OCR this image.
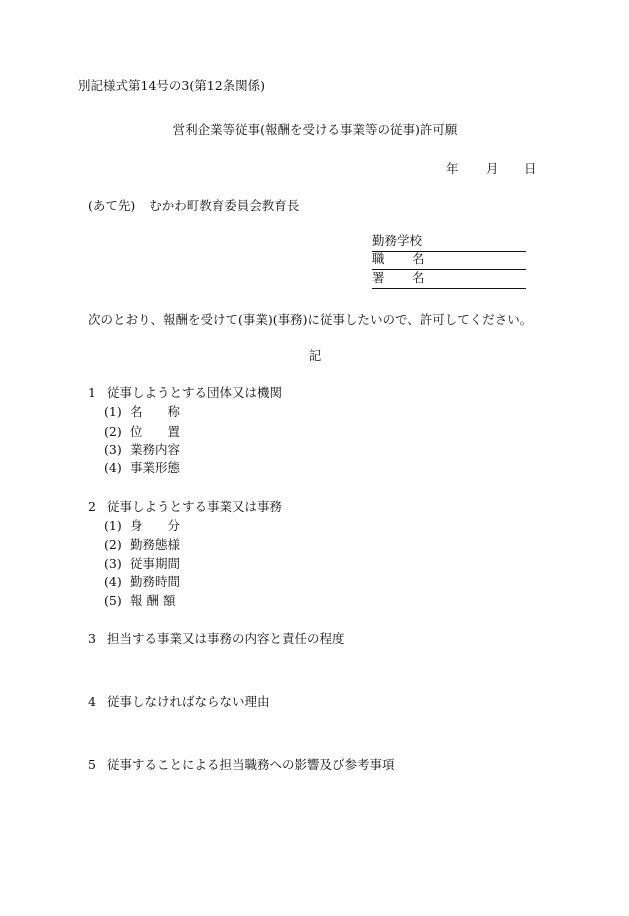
別記様式第14号の3(第12条関係)
営利企業等従事(報酬を受ける事業等の従事)許可願
年 月 日
(あて先) むかわ町教育委員会教育長
勤務学校
職 名
署 名
次のとおり、報酬を受けて(事業)(事務)に従事したいので、許可してください。
記
1 従事しようとする団体又は機関
(1) 名　　称
(2) 位　　置
(3) 業務内容
(4) 事業形態
2 従事しようとする事業又は事務
(1) 身　　分
(2) 勤務態様
(3) 従事期間
(4) 勤務時間
(5) 報 酬 額
3 担当する事業又は事務の内容と責任の程度
4 従事しなければならない理由
5 従事することによる担当職務への影響及び参考事項
